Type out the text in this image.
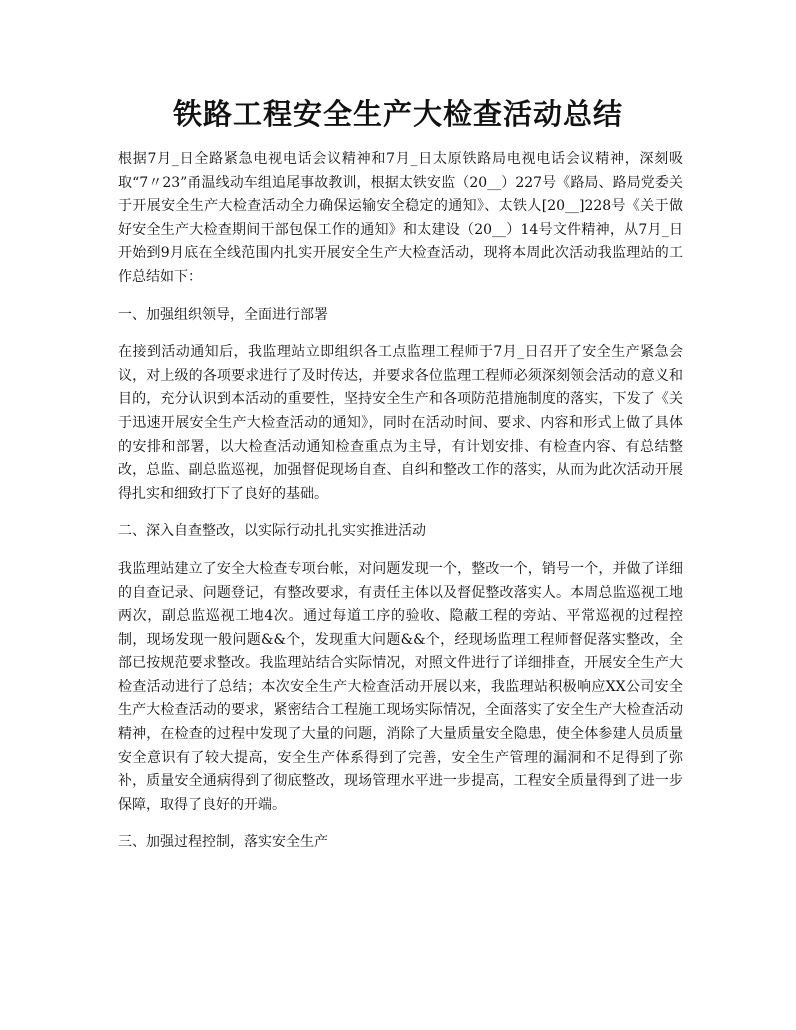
铁路工程安全生产大检查活动总结

根据7月_日全路紧急电视电话会议精神和7月_日太原铁路局电视电话会议精神，深刻吸取“7〃23”甬温线动车组追尾事故教训，根据太铁安监（20__）227号《路局、路局党委关于开展安全生产大检查活动全力确保运输安全稳定的通知》、太铁人[20__]228号《关于做好安全生产大检查期间干部包保工作的通知》和太建设（20__）14号文件精神，从7月_日开始到9月底在全线范围内扎实开展安全生产大检查活动，现将本周此次活动我监理站的工作总结如下：

一、加强组织领导，全面进行部署

在接到活动通知后，我监理站立即组织各工点监理工程师于7月_日召开了安全生产紧急会议，对上级的各项要求进行了及时传达，并要求各位监理工程师必须深刻领会活动的意义和目的，充分认识到本活动的重要性，坚持安全生产和各项防范措施制度的落实，下发了《关于迅速开展安全生产大检查活动的通知》，同时在活动时间、要求、内容和形式上做了具体的安排和部署，以大检查活动通知检查重点为主导，有计划安排、有检查内容、有总结整改，总监、副总监巡视，加强督促现场自查、自纠和整改工作的落实，从而为此次活动开展得扎实和细致打下了良好的基础。

二、深入自查整改，以实际行动扎扎实实推进活动

我监理站建立了安全大检查专项台帐，对问题发现一个，整改一个，销号一个，并做了详细的自查记录、问题登记，有整改要求，有责任主体以及督促整改落实人。本周总监巡视工地两次，副总监巡视工地4次。通过每道工序的验收、隐蔽工程的旁站、平常巡视的过程控制，现场发现一般问题&&个，发现重大问题&&个，经现场监理工程师督促落实整改，全部已按规范要求整改。我监理站结合实际情况，对照文件进行了详细排查，开展安全生产大检查活动进行了总结；本次安全生产大检查活动开展以来，我监理站积极响应XX公司安全生产大检查活动的要求，紧密结合工程施工现场实际情况，全面落实了安全生产大检查活动精神，在检查的过程中发现了大量的问题，消除了大量质量安全隐患，使全体参建人员质量安全意识有了较大提高，安全生产体系得到了完善，安全生产管理的漏洞和不足得到了弥补，质量安全通病得到了彻底整改，现场管理水平进一步提高，工程安全质量得到了进一步保障，取得了良好的开端。

三、加强过程控制，落实安全生产
